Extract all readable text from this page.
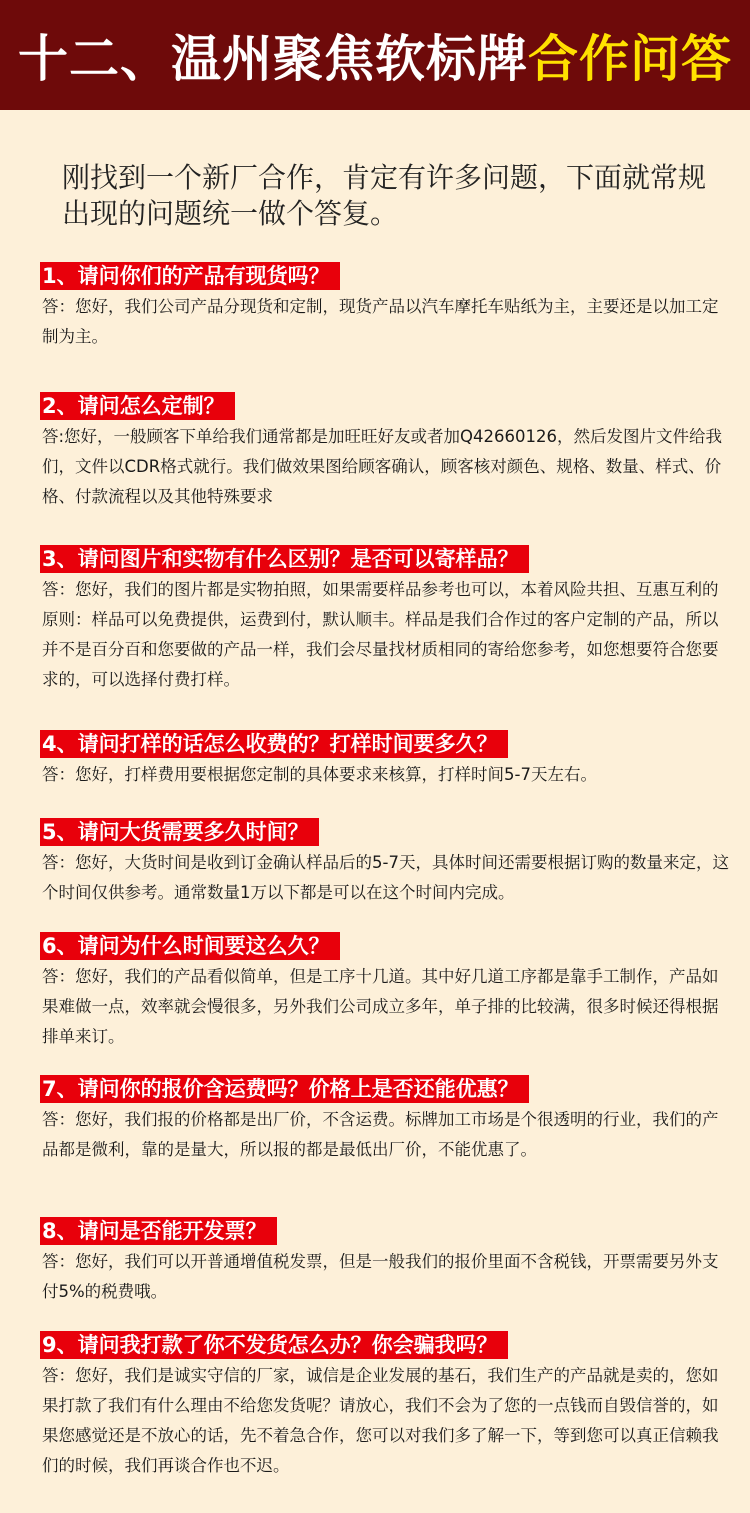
十二、温州聚焦软标牌 合作问答
刚找到一个新厂合作，肯定有许多问题，下面就常规出现的问题统一做个答复。
1、请问你们的产品有现货吗？
答：您好，我们公司产品分现货和定制，现货产品以汽车摩托车贴纸为主，主要还是以加工定制为主。
2、请问怎么定制？
答:您好，一般顾客下单给我们通常都是加旺旺好友或者加Q42660126，然后发图片文件给我们，文件以CDR格式就行。我们做效果图给顾客确认，顾客核对颜色、规格、数量、样式、价格、付款流程以及其他特殊要求
3、请问图片和实物有什么区别？是否可以寄样品？
答：您好，我们的图片都是实物拍照，如果需要样品参考也可以，本着风险共担、互惠互利的原则：样品可以免费提供，运费到付，默认顺丰。样品是我们合作过的客户定制的产品，所以并不是百分百和您要做的产品一样，我们会尽量找材质相同的寄给您参考，如您想要符合您要求的，可以选择付费打样。
4、请问打样的话怎么收费的？打样时间要多久？
答：您好，打样费用要根据您定制的具体要求来核算，打样时间5-7天左右。
5、请问大货需要多久时间？
答：您好，大货时间是收到订金确认样品后的5-7天，具体时间还需要根据订购的数量来定，这个时间仅供参考。通常数量1万以下都是可以在这个时间内完成。
6、请问为什么时间要这么久？
答：您好，我们的产品看似简单，但是工序十几道。其中好几道工序都是靠手工制作，产品如果难做一点，效率就会慢很多，另外我们公司成立多年，单子排的比较满，很多时候还得根据排单来订。
7、请问你的报价含运费吗？价格上是否还能优惠？
答：您好，我们报的价格都是出厂价，不含运费。标牌加工市场是个很透明的行业，我们的产品都是微利，靠的是量大，所以报的都是最低出厂价，不能优惠了。
8、请问是否能开发票？
答：您好，我们可以开普通增值税发票，但是一般我们的报价里面不含税钱，开票需要另外支付5%的税费哦。
9、请问我打款了你不发货怎么办？你会骗我吗？
答：您好，我们是诚实守信的厂家，诚信是企业发展的基石，我们生产的产品就是卖的，您如果打款了我们有什么理由不给您发货呢？请放心，我们不会为了您的一点钱而自毁信誉的，如果您感觉还是不放心的话，先不着急合作，您可以对我们多了解一下，等到您可以真正信赖我们的时候，我们再谈合作也不迟。
